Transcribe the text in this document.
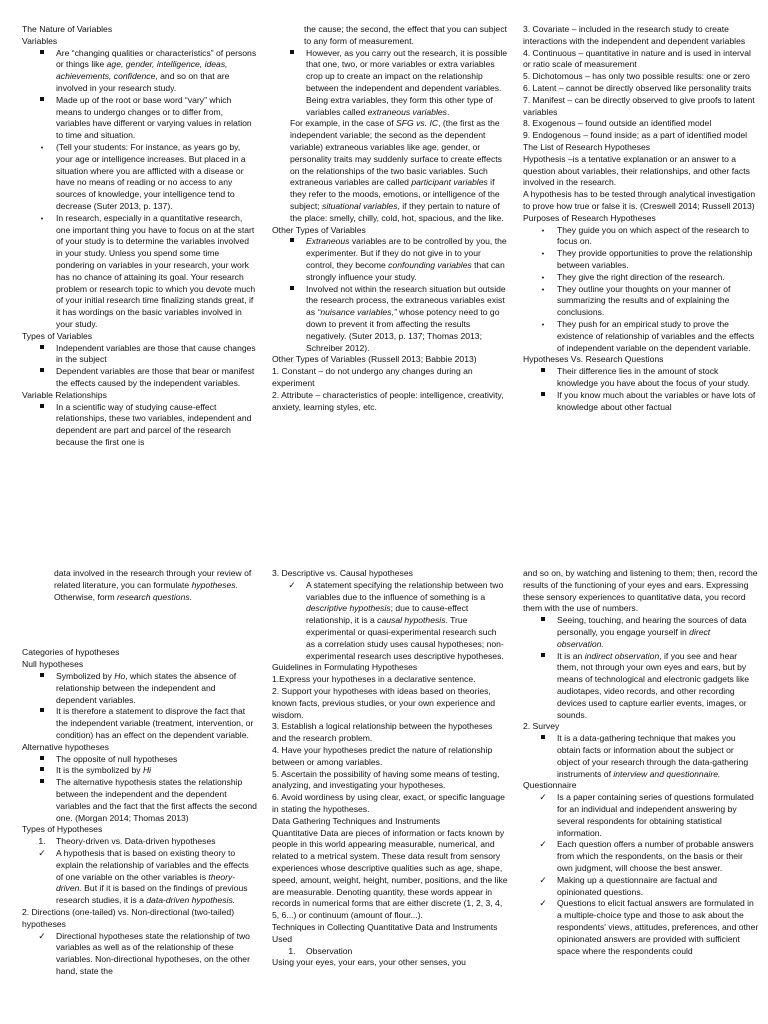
The Nature of Variables

Variables

Are “changing qualities or characteristics” of persons or things like age, gender, intelligence, ideas, achievements, confidence, and so on that are involved in your research study.
Made up of the root or base word “vary” which means to undergo changes or to differ from, variables have different or varying values in relation to time and situation.
•
(Tell your students: For instance, as years go by, your age or intelligence increases. But placed in a situation where you are afflicted with a disease or have no means of reading or no access to any sources of knowledge, your intelligence tend to decrease (Suter 2013, p. 137).
•
In research, especially in a quantitative research, one important thing you have to focus on at the start of your study is to determine the variables involved in your study. Unless you spend some time pondering on variables in your research, your work has no chance of attaining its goal. Your research problem or research topic to which you devote much of your initial research time finalizing stands great, if it has wordings on the basic variables involved in your study.

Types of Variables

Independent variables are those that cause changes in the subject
Dependent variables are those that bear or manifest the effects caused by the independent variables.

Variable Relationships

In a scientific way of studying cause-effect relationships, these two variables, independent and dependent are part and parcel of the research because the first one is

the cause; the second, the effect that you can subject to any form of measurement.

However, as you carry out the research, it is possible that one, two, or more variables or extra variables crop up to create an impact on the relationship between the independent and dependent variables. Being extra variables, they form this other type of variables called extraneous variables.

For example, in the case of SFG vs. IC, (the first as the independent variable; the second as the dependent variable) extraneous variables like age, gender, or personality traits may suddenly surface to create effects on the relationships of the two basic variables. Such extraneous variables are called participant variables if they refer to the moods, emotions, or intelligence of the subject; situational variables, if they pertain to nature of the place: smelly, chilly, cold, hot, spacious, and the like.

Other Types of Variables

Extraneous variables are to be controlled by you, the experimenter. But if they do not give in to your control, they become confounding variables that can strongly influence your study.
Involved not within the research situation but outside the research process, the extraneous variables exist as “nuisance variables,” whose potency need to go down to prevent it from affecting the results negatively. (Suter 2013, p. 137; Thomas 2013; Schreiber 2012).

Other Types of Variables (Russell 2013; Babbie 2013)

1. Constant – do not undergo any changes during an experiment

2. Attribute – characteristics of people: intelligence, creativity, anxiety, learning styles, etc.

3. Covariate – included in the research study to create interactions with the independent and dependent variables

4. Continuous – quantitative in nature and is used in interval or ratio scale of measurement

5. Dichotomous – has only two possible results: one or zero

6. Latent – cannot be directly observed like personality traits

7. Manifest – can be directly observed to give proofs to latent variables

8. Exogenous – found outside an identified model

9. Endogenous – found inside; as a part of identified model

The List of Research Hypotheses

Hypothesis –is a tentative explanation or an answer to a question about variables, their relationships, and other facts involved in the research.

A hypothesis has to be tested through analytical investigation to prove how true or false it is. (Creswell 2014; Russell 2013)

Purposes of Research Hypotheses

•
They guide you on which aspect of the research to focus on.
•
They provide opportunities to prove the relationship between variables.
•
They give the right direction of the research.
•
They outline your thoughts on your manner of summarizing the results and of explaining the conclusions.
•
They push for an empirical study to prove the existence of relationship of variables and the effects of independent variable on the dependent variable.

Hypotheses Vs. Research Questions

Their difference lies in the amount of stock knowledge you have about the focus of your study.
If you know much about the variables or have lots of knowledge about other factual

data involved in the research through your review of related literature, you can formulate hypotheses. Otherwise, form research questions.

Categories of hypotheses

Null hypotheses

Symbolized by Ho, which states the absence of relationship between the independent and dependent variables.
It is therefore a statement to disprove the fact that the independent variable (treatment, intervention, or condition) has an effect on the dependent variable.

Alternative hypotheses

The opposite of null hypotheses
It is the symbolized by Hi
The alternative hypothesis states the relationship between the independent and the dependent variables and the fact that the first affects the second one. (Morgan 2014; Thomas 2013)

Types of Hypotheses

1.
Theory-driven vs. Data-driven hypotheses
✓
A hypothesis that is based on existing theory to explain the relationship of variables and the effects of one variable on the other variables is theory-driven. But if it is based on the findings of previous research studies, it is a data-driven hypothesis.

2. Directions (one-tailed) vs. Non-directional (two-tailed) hypotheses

✓
Directional hypotheses state the relationship of two variables as well as of the relationship of these variables. Non-directional hypotheses, on the other hand, state the

3. Descriptive vs. Causal hypotheses

✓
A statement specifying the relationship between two variables due to the influence of something is a descriptive hypothesis; due to cause-effect relationship, it is a causal hypothesis. True experimental or quasi-experimental research such as a correlation study uses causal hypotheses; non-experimental research uses descriptive hypotheses.

Guidelines in Formulating Hypotheses

1.Express your hypotheses in a declarative sentence.

2. Support your hypotheses with ideas based on theories, known facts, previous studies, or your own experience and wisdom.

3. Establish a logical relationship between the hypotheses and the research problem.

4. Have your hypotheses predict the nature of relationship between or among variables.

5. Ascertain the possibility of having some means of testing, analyzing, and investigating your hypotheses.

6. Avoid wordiness by using clear, exact, or specific language in stating the hypotheses.

Data Gathering Techniques and Instruments

Quantitative Data are pieces of information or facts known by people in this world appearing measurable, numerical, and related to a metrical system. These data result from sensory experiences whose descriptive qualities such as age, shape, speed, amount, weight, height, number, positions, and the like are measurable. Denoting quantity, these words appear in records in numerical forms that are either discrete (1, 2, 3, 4, 5, 6...) or continuum (amount of flour...).

Techniques in Collecting Quantitative Data and Instruments Used

1.
Observation

Using your eyes, your ears, your other senses, you

and so on, by watching and listening to them; then, record the results of the functioning of your eyes and ears. Expressing these sensory experiences to quantitative data, you record them with the use of numbers.

Seeing, touching, and hearing the sources of data personally, you engage yourself in direct observation.
It is an indirect observation, if you see and hear them, not through your own eyes and ears, but by means of technological and electronic gadgets like audiotapes, video records, and other recording devices used to capture earlier events, images, or sounds.

2. Survey

It is a data-gathering technique that makes you obtain facts or information about the subject or object of your research through the data-gathering instruments of interview and questionnaire.

Questionnaire

✓
Is a paper containing series of questions formulated for an individual and independent answering by several respondents for obtaining statistical information.
✓
Each question offers a number of probable answers from which the respondents, on the basis or their own judgment, will choose the best answer.
✓
Making up a questionnaire are factual and opinionated questions.
✓
Questions to elicit factual answers are formulated in a multiple-choice type and those to ask about the respondents' views, attitudes, preferences, and other opinionated answers are provided with sufficient space where the respondents could
